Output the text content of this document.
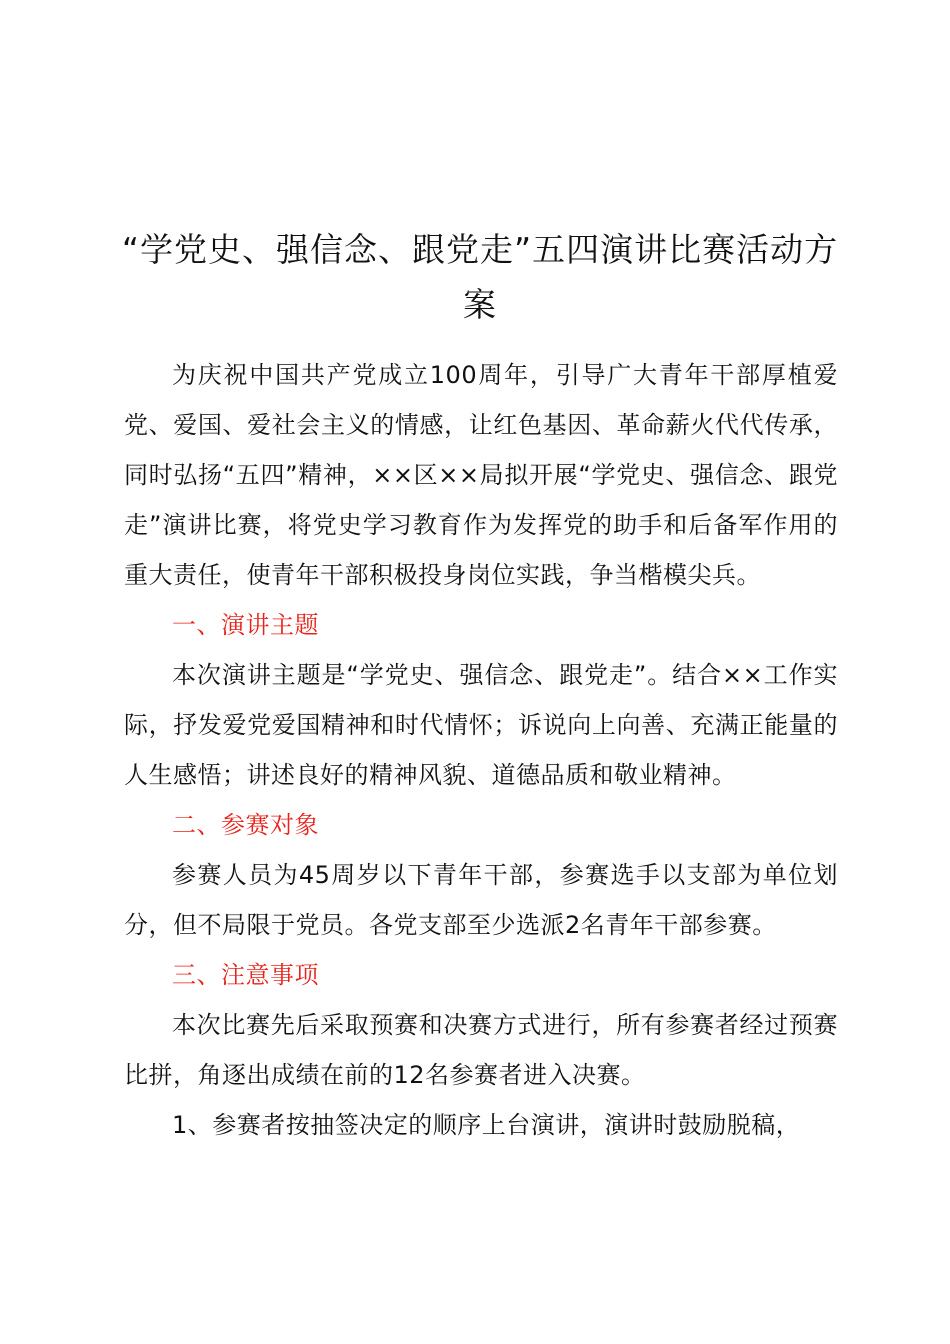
“学党史、强信念、跟党走”五四演讲比赛活动方案

为庆祝中国共产党成立100周年，引导广大青年干部厚植爱党、爱国、爱社会主义的情感，让红色基因、革命薪火代代传承，同时弘扬“五四”精神，××区××局拟开展“学党史、强信念、跟党走”演讲比赛，将党史学习教育作为发挥党的助手和后备军作用的重大责任，使青年干部积极投身岗位实践，争当楷模尖兵。

一、演讲主题

本次演讲主题是“学党史、强信念、跟党走”。结合××工作实际，抒发爱党爱国精神和时代情怀；诉说向上向善、充满正能量的人生感悟；讲述良好的精神风貌、道德品质和敬业精神。

二、参赛对象

参赛人员为45周岁以下青年干部，参赛选手以支部为单位划分，但不局限于党员。各党支部至少选派2名青年干部参赛。

三、注意事项

本次比赛先后采取预赛和决赛方式进行，所有参赛者经过预赛比拼，角逐出成绩在前的12名参赛者进入决赛。

1、参赛者按抽签决定的顺序上台演讲，演讲时鼓励脱稿，
